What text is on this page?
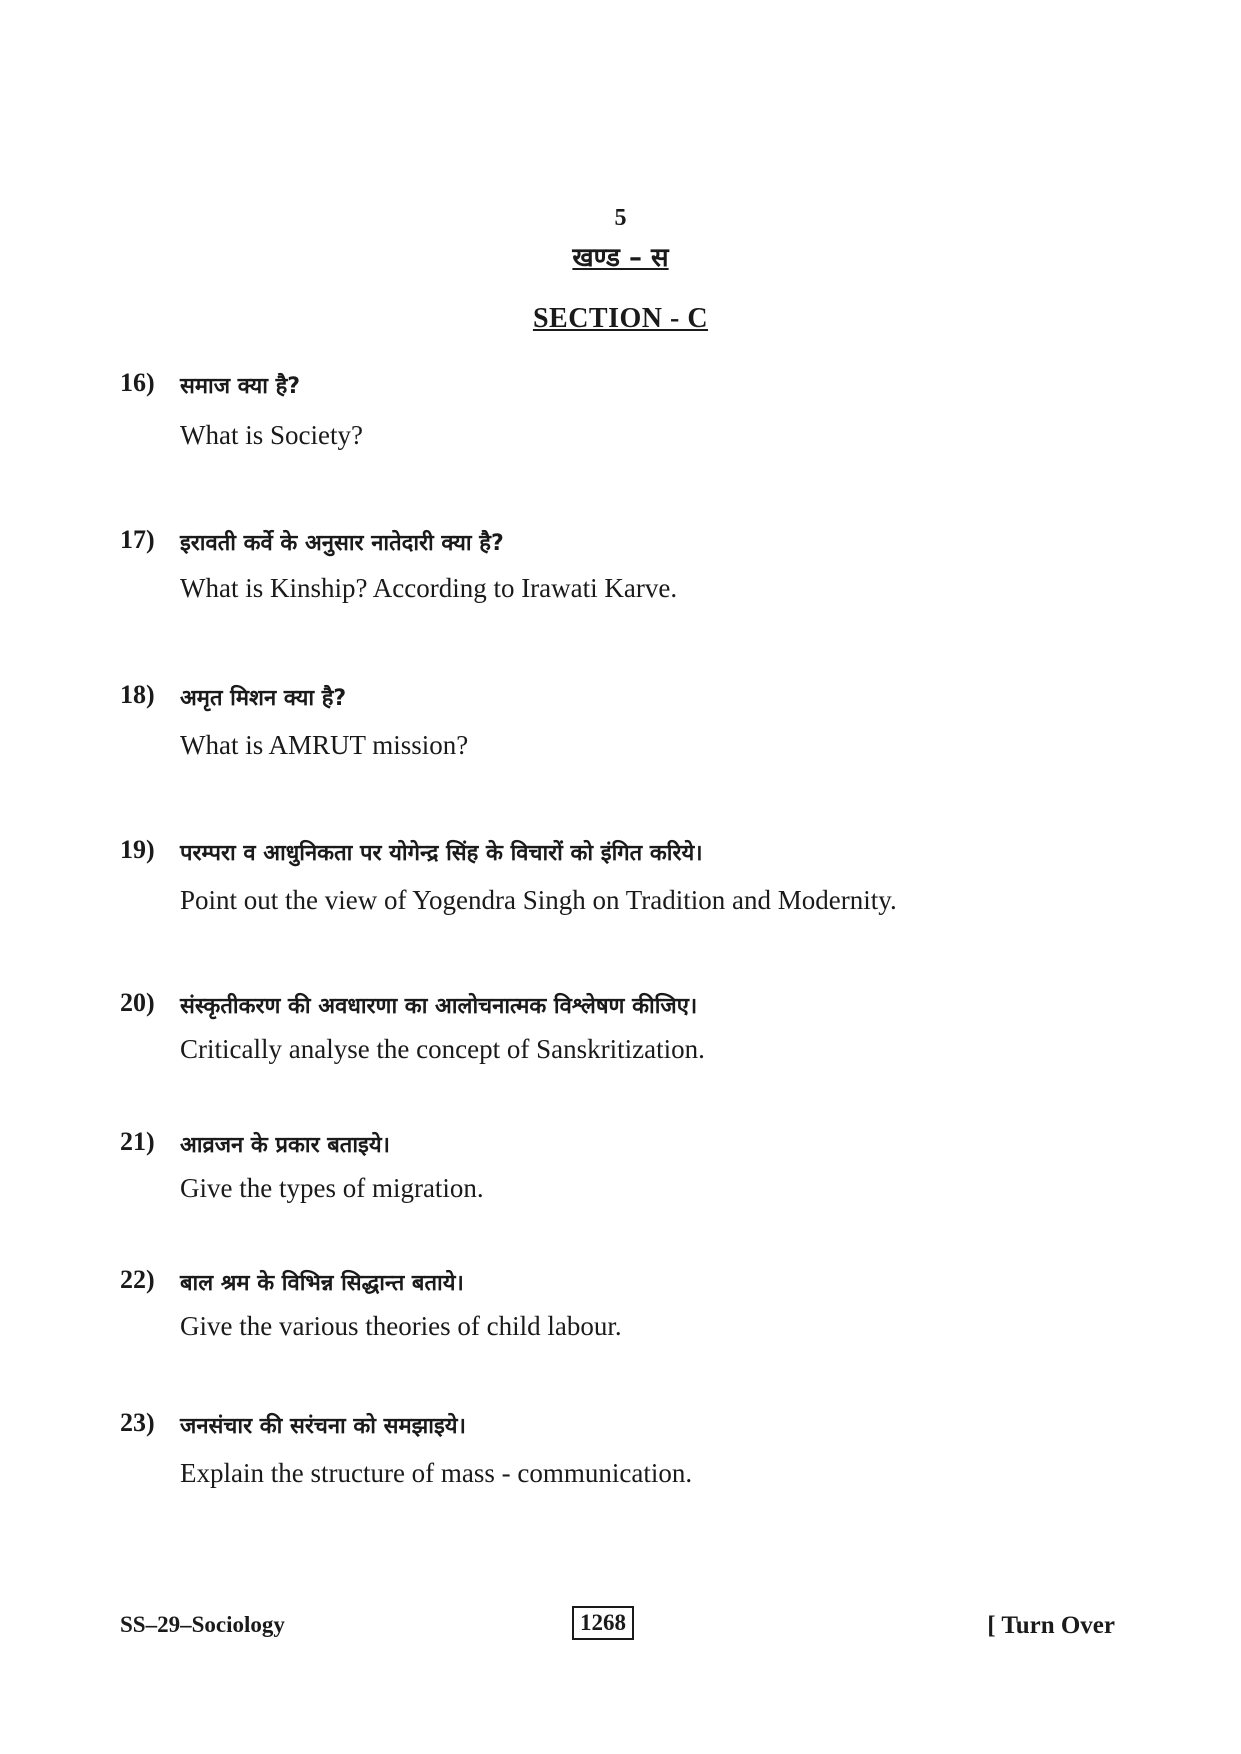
5
खण्ड – स
SECTION - C
16) समाज क्या है?
What is Society?
17) इरावती कर्वे के अनुसार नातेदारी क्या है?
What is Kinship? According to Irawati Karve.
18) अमृत मिशन क्या है?
What is AMRUT mission?
19) परम्परा व आधुनिकता पर योगेन्द्र सिंह के विचारों को इंगित करिये।
Point out the view of Yogendra Singh on Tradition and Modernity.
20) संस्कृतीकरण की अवधारणा का आलोचनात्मक विश्लेषण कीजिए।
Critically analyse the concept of Sanskritization.
21) आव्रजन के प्रकार बताइये।
Give the types of migration.
22) बाल श्रम के विभिन्न सिद्धान्त बताये।
Give the various theories of child labour.
23) जनसंचार की सरंचना को समझाइये।
Explain the structure of mass - communication.
SS–29–Sociology	1268	[ Turn Over
